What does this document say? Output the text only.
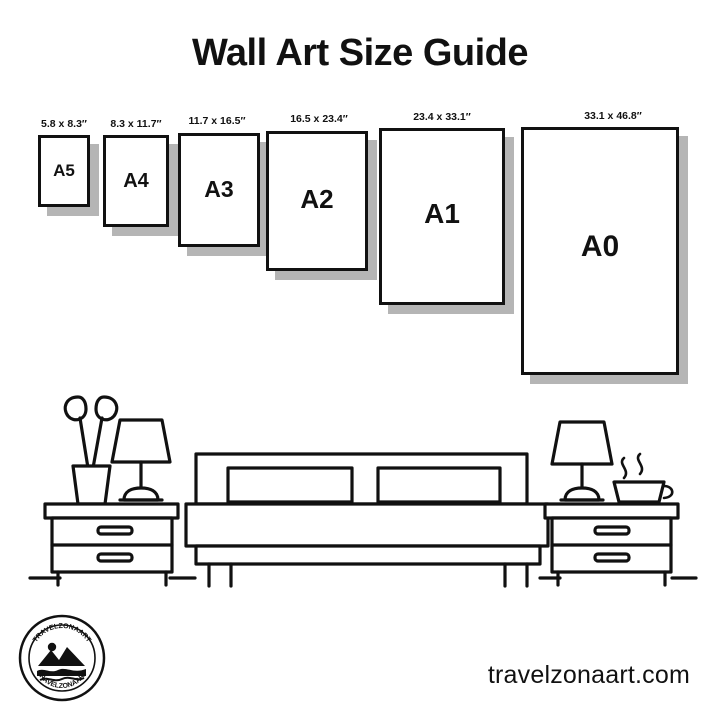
Wall Art Size Guide
5.8 x 8.3″
A5
8.3 x 11.7″
A4
11.7 x 16.5″
A3
16.5 x 23.4″
A2
23.4 x 33.1″
A1
33.1 x 46.8″
A0
TRAVELZONAART
TRAVELZONAART	travelzonaart.com
